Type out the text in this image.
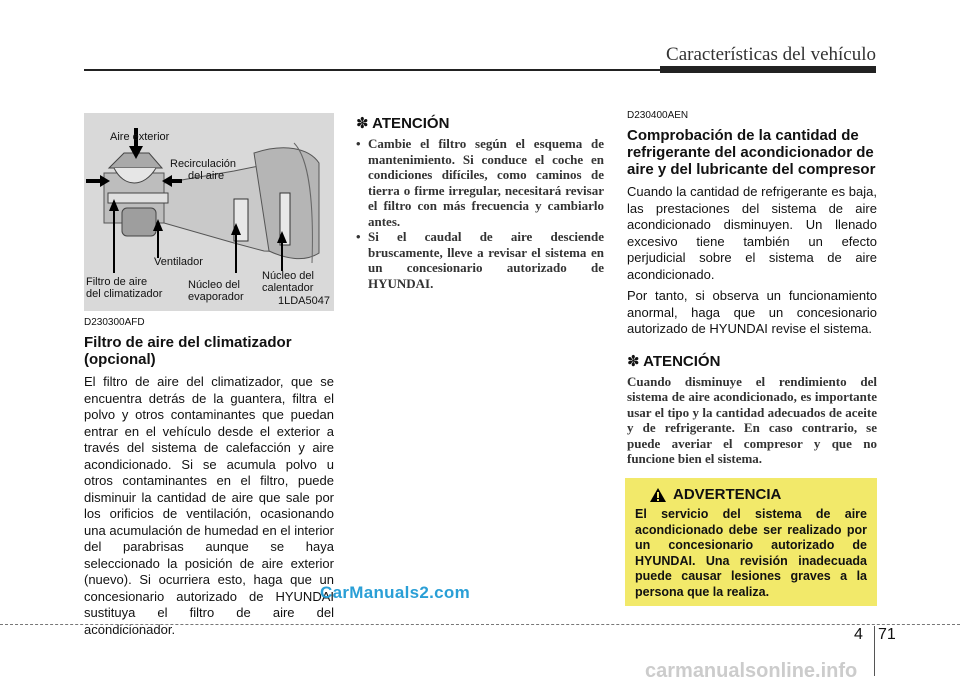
Características del vehículo
Aire exterior
Recirculación
del aire
Ventilador
Filtro de aire
del climatizador
Núcleo del
evaporador
Núcleo del
calentador
1LDA5047
D230300AFD
Filtro de aire del climatizador (opcional)

El filtro de aire del climatizador, que se encuentra detrás de la guantera, filtra el polvo y otros contaminantes que puedan entrar en el vehículo desde el exterior a través del sistema de calefacción y aire acondicionado. Si se acumula polvo u otros contaminantes en el filtro, puede disminuir la cantidad de aire que sale por los orificios de ventilación, ocasionando una acumulación de humedad en el interior del parabrisas aunque se haya seleccionado la posición de aire exterior (nuevo). Si ocurriera esto, haga que un concesionario autorizado de HYUNDAI sustituya el filtro de aire del acondicionador.

✽ ATENCIÓN
• Cambie el filtro según el esquema de mantenimiento. Si conduce el coche en condiciones difíciles, como caminos de tierra o firme irregular, necesitará revisar el filtro con más frecuencia y cambiarlo antes.
• Si el caudal de aire desciende bruscamente, lleve a revisar el sistema en un concesionario autorizado de HYUNDAI.
D230400AEN
Comprobación de la cantidad de refrigerante del acondicionador de aire y del lubricante del compresor

Cuando la cantidad de refrigerante es baja, las prestaciones del sistema de aire acondicionado disminuyen. Un llenado excesivo tiene también un efecto perjudicial sobre el sistema de aire acondicionado.

Por tanto, si observa un funcionamiento anormal, haga que un concesionario autorizado de HYUNDAI revise el sistema.

✽ ATENCIÓN

Cuando disminuye el rendimiento del sistema de aire acondicionado, es importante usar el tipo y la cantidad adecuados de aceite y de refrigerante. En caso contrario, se puede averiar el compresor y que no funcione bien el sistema.

ADVERTENCIA
El servicio del sistema de aire acondicionado debe ser realizado por un concesionario autorizado de HYUNDAI. Una revisión inadecuada puede causar lesiones graves a la persona que la realiza.
CarManuals2.com
4 71
carmanualsonline.info
